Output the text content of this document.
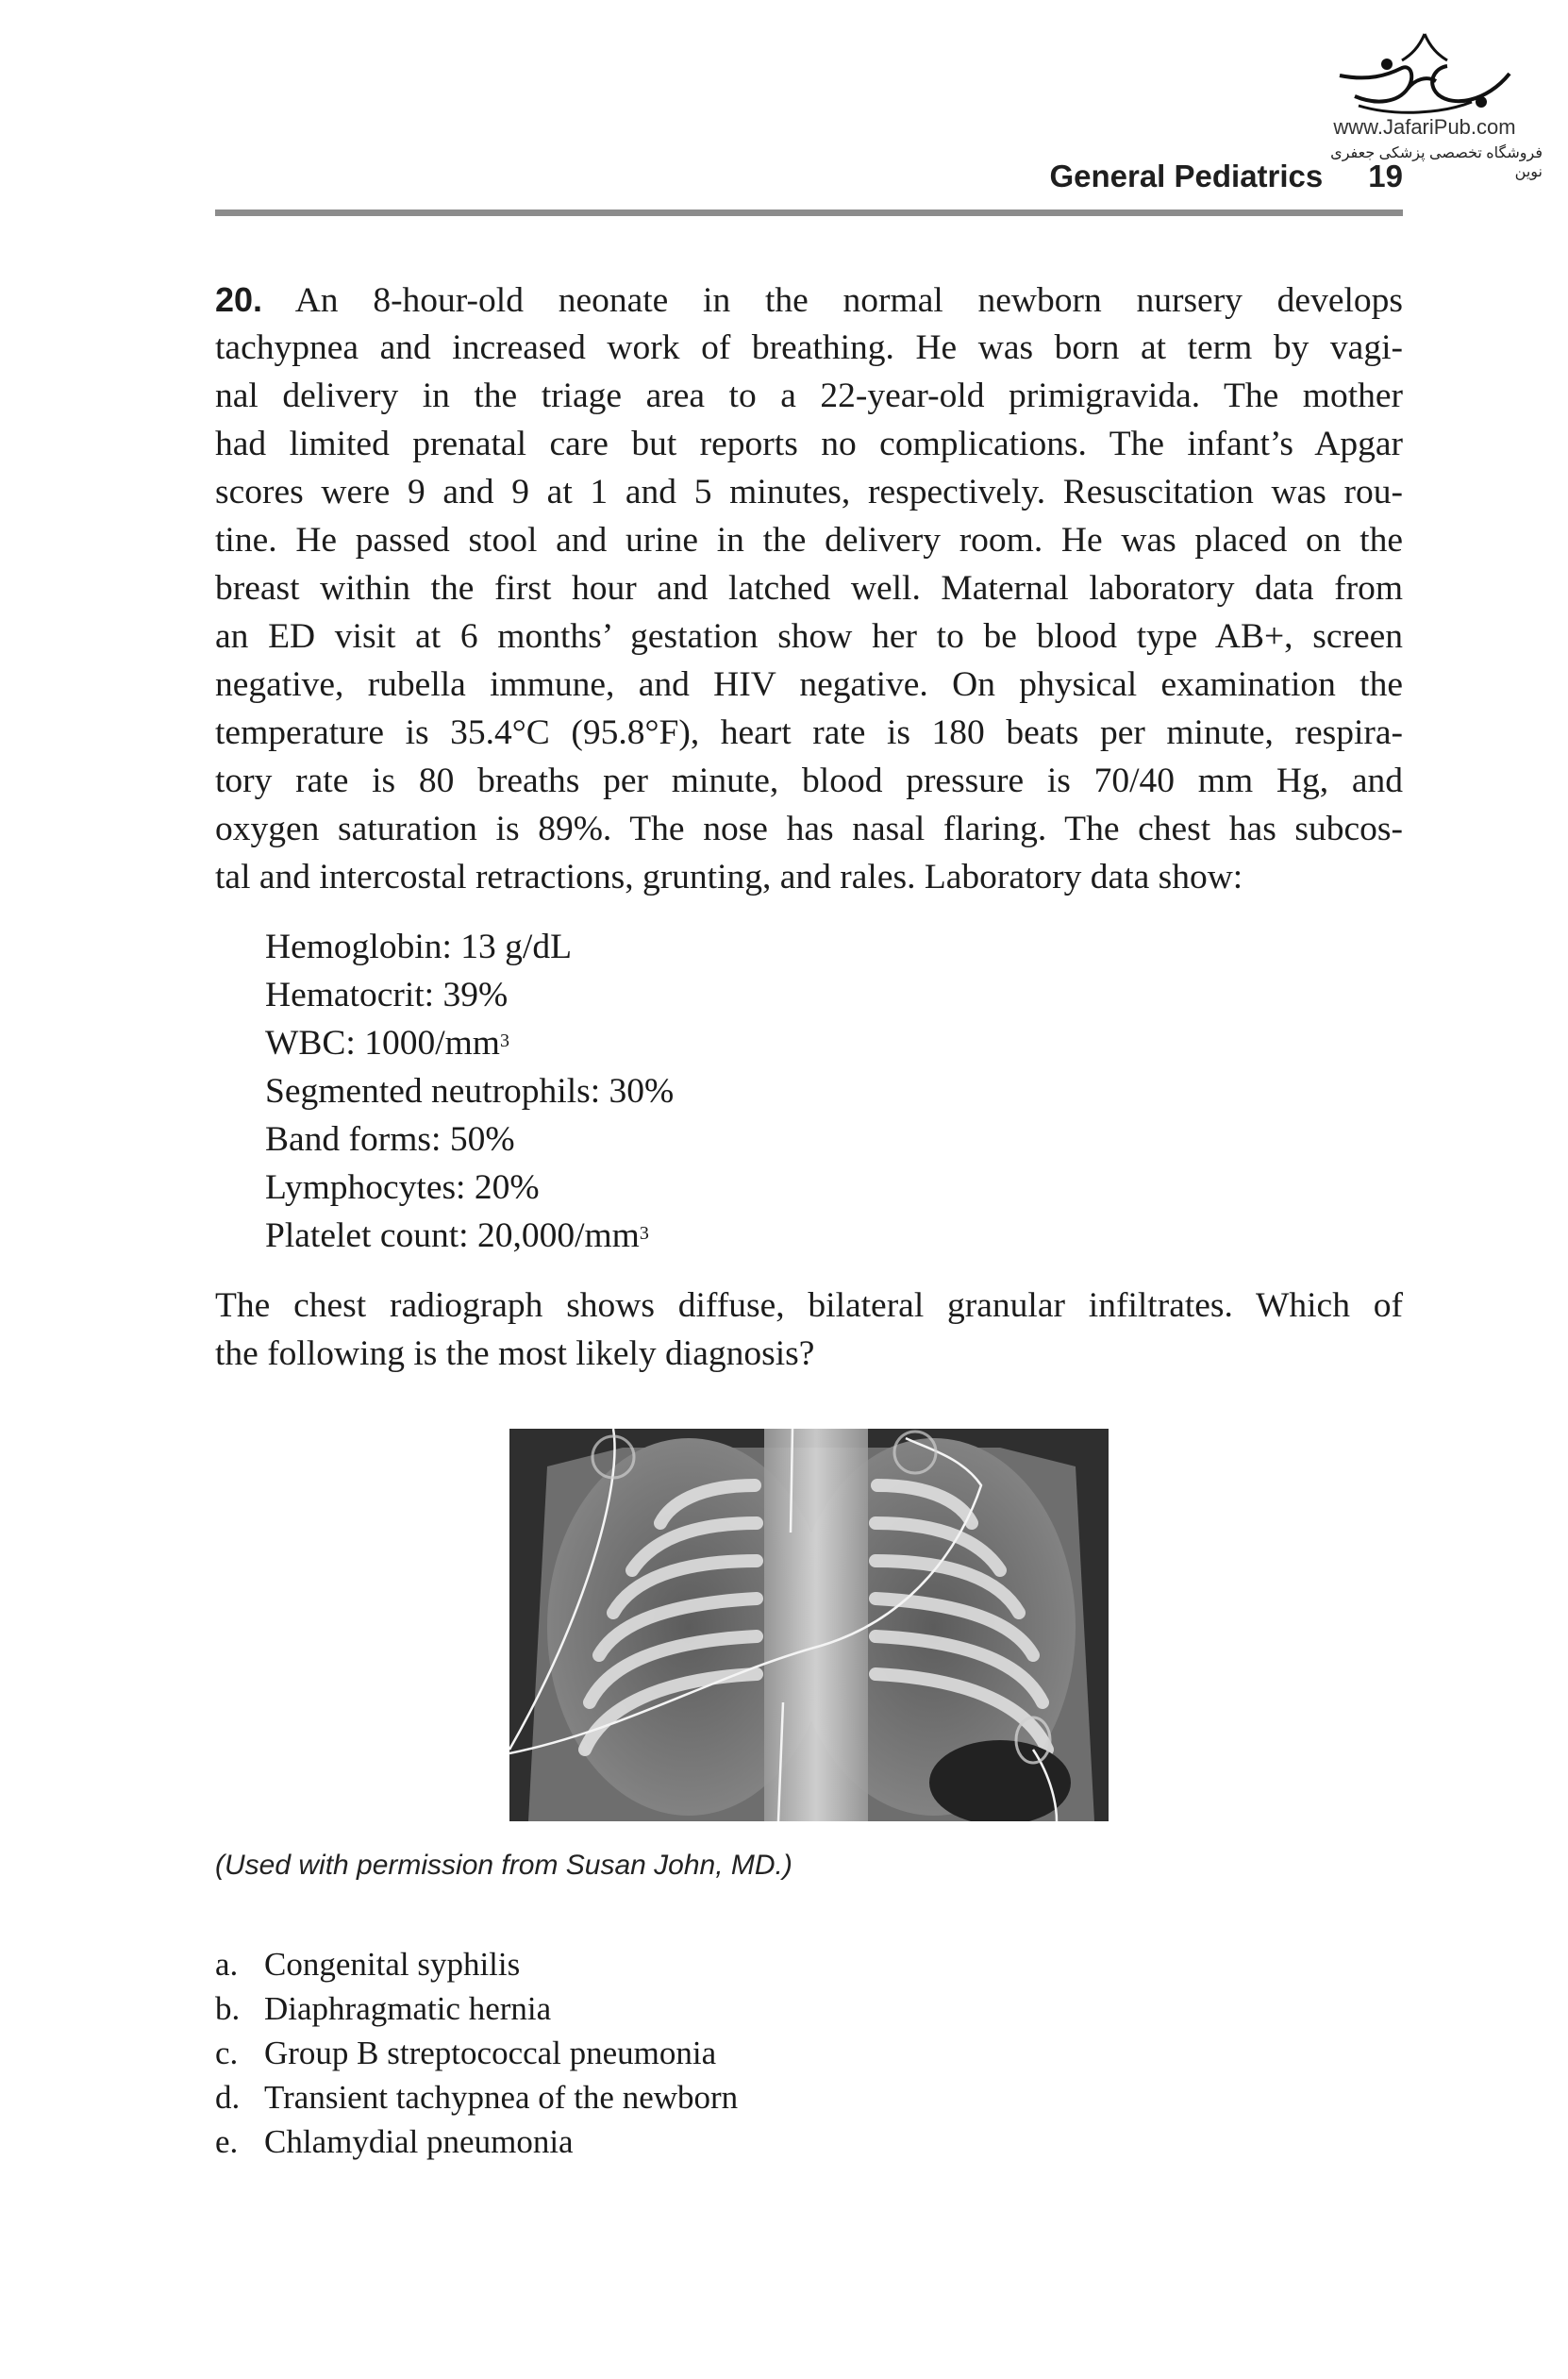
www.JafariPub.com
فروشگاه تخصصی پزشکی جعفری نوین
General Pediatrics 19
20. An 8-hour-old neonate in the normal newborn nursery develops
tachypnea and increased work of breathing. He was born at term by vagi-
nal delivery in the triage area to a 22-year-old primigravida. The mother
had limited prenatal care but reports no complications. The infant’s Apgar
scores were 9 and 9 at 1 and 5 minutes, respectively. Resuscitation was rou-
tine. He passed stool and urine in the delivery room. He was placed on the
breast within the first hour and latched well. Maternal laboratory data from
an ED visit at 6 months’ gestation show her to be blood type AB+, screen
negative, rubella immune, and HIV negative. On physical examination the
temperature is 35.4°C (95.8°F), heart rate is 180 beats per minute, respira-
tory rate is 80 breaths per minute, blood pressure is 70/40 mm Hg, and
oxygen saturation is 89%. The nose has nasal flaring. The chest has subcos-
tal and intercostal retractions, grunting, and rales. Laboratory data show:
Hemoglobin: 13 g/dL
Hematocrit: 39%
WBC: $1000/mm^3$
Segmented neutrophils: 30%
Band forms: 50%
Lymphocytes: 20%
Platelet count: $20,000/mm^3$
The chest radiograph shows diffuse, bilateral granular infiltrates. Which of
the following is the most likely diagnosis?
(Used with permission from Susan John, MD.)
a. Congenital syphilis
b. Diaphragmatic hernia
c. Group B streptococcal pneumonia
d. Transient tachypnea of the newborn
e. Chlamydial pneumonia
